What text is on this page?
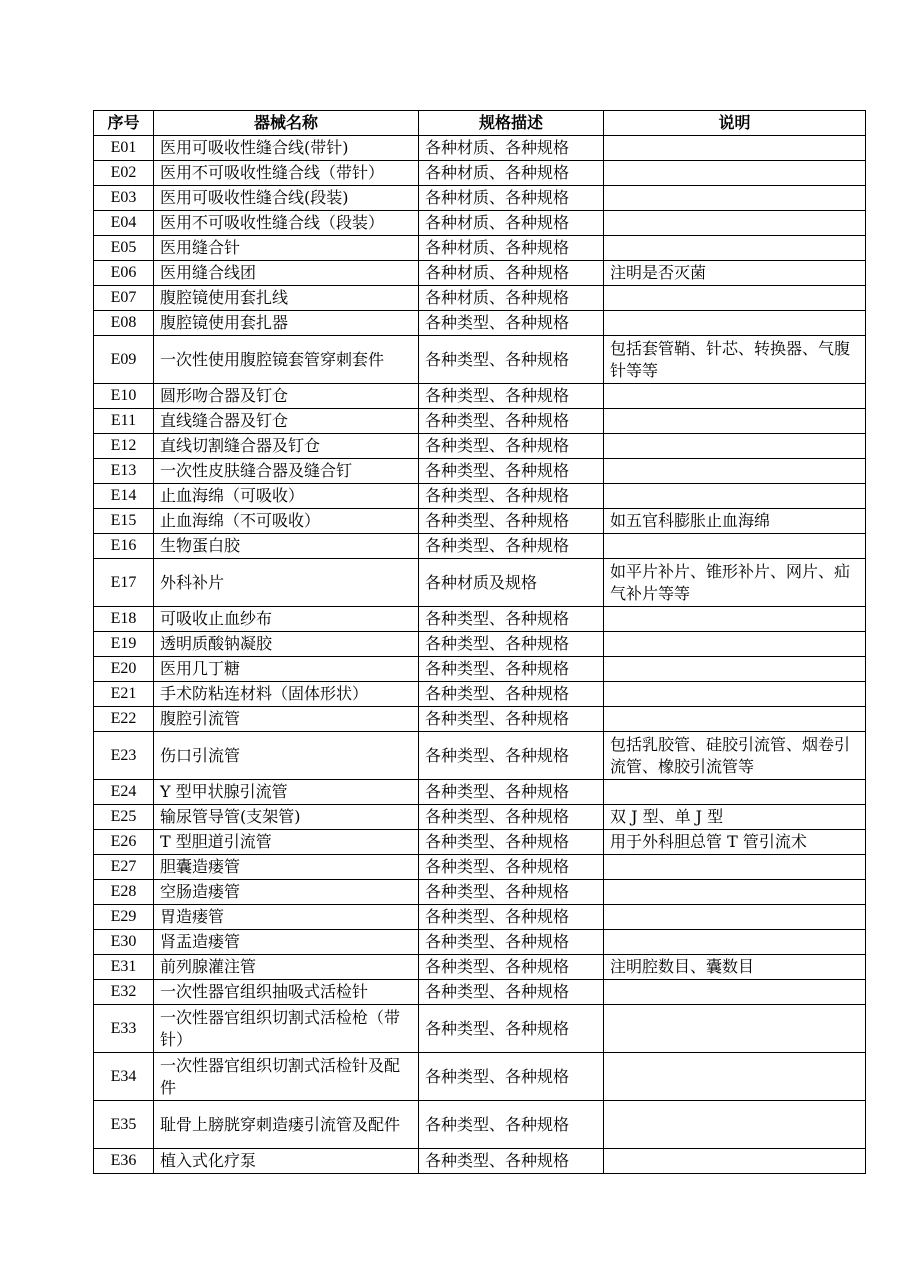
序号	器械名称	规格描述	说明
E01	医用可吸收性缝合线(带针)	各种材质、各种规格	
E02	医用不可吸收性缝合线（带针）	各种材质、各种规格	
E03	医用可吸收性缝合线(段装)	各种材质、各种规格	
E04	医用不可吸收性缝合线（段装）	各种材质、各种规格	
E05	医用缝合针	各种材质、各种规格	
E06	医用缝合线团	各种材质、各种规格	注明是否灭菌
E07	腹腔镜使用套扎线	各种材质、各种规格	
E08	腹腔镜使用套扎器	各种类型、各种规格	
E09	一次性使用腹腔镜套管穿刺套件	各种类型、各种规格	包括套管鞘、针芯、转换器、气腹针等等
E10	圆形吻合器及钉仓	各种类型、各种规格	
E11	直线缝合器及钉仓	各种类型、各种规格	
E12	直线切割缝合器及钉仓	各种类型、各种规格	
E13	一次性皮肤缝合器及缝合钉	各种类型、各种规格	
E14	止血海绵（可吸收）	各种类型、各种规格	
E15	止血海绵（不可吸收）	各种类型、各种规格	如五官科膨胀止血海绵
E16	生物蛋白胶	各种类型、各种规格	
E17	外科补片	各种材质及规格	如平片补片、锥形补片、网片、疝气补片等等
E18	可吸收止血纱布	各种类型、各种规格	
E19	透明质酸钠凝胶	各种类型、各种规格	
E20	医用几丁糖	各种类型、各种规格	
E21	手术防粘连材料（固体形状）	各种类型、各种规格	
E22	腹腔引流管	各种类型、各种规格	
E23	伤口引流管	各种类型、各种规格	包括乳胶管、硅胶引流管、烟卷引流管、橡胶引流管等
E24	Y 型甲状腺引流管	各种类型、各种规格	
E25	输尿管导管(支架管)	各种类型、各种规格	双 J 型、单 J 型
E26	T 型胆道引流管	各种类型、各种规格	用于外科胆总管 T 管引流术
E27	胆囊造瘘管	各种类型、各种规格	
E28	空肠造瘘管	各种类型、各种规格	
E29	胃造瘘管	各种类型、各种规格	
E30	肾盂造瘘管	各种类型、各种规格	
E31	前列腺灌注管	各种类型、各种规格	注明腔数目、囊数目
E32	一次性器官组织抽吸式活检针	各种类型、各种规格	
E33	一次性器官组织切割式活检枪（带针）	各种类型、各种规格	
E34	一次性器官组织切割式活检针及配件	各种类型、各种规格	
E35	耻骨上膀胱穿刺造瘘引流管及配件	各种类型、各种规格	
E36	植入式化疗泵	各种类型、各种规格	
